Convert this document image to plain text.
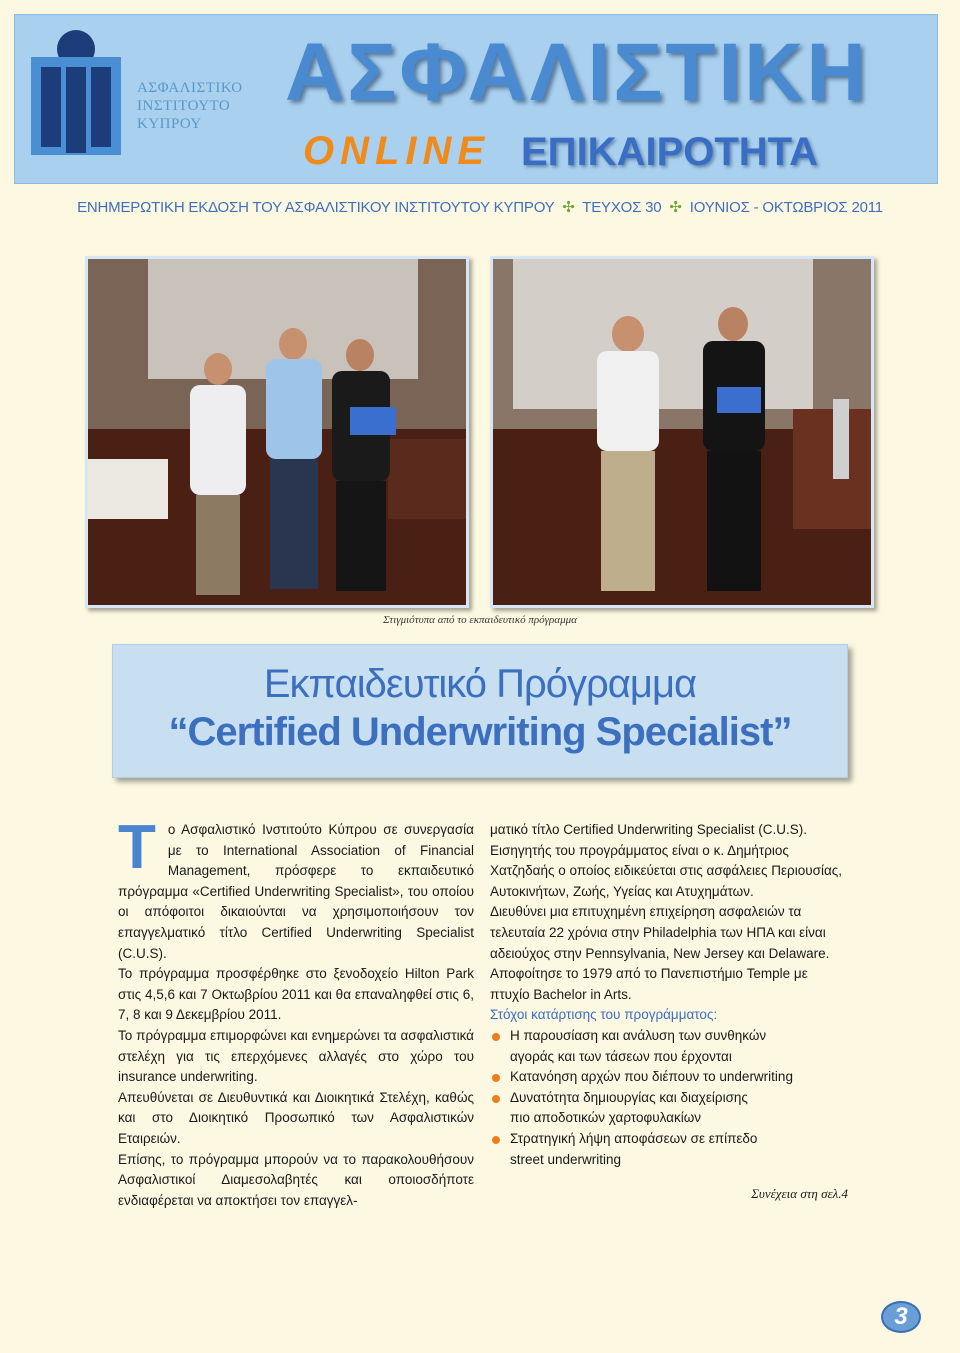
ΑΣΦΑΛΙΣΤΙΚΟ
ΙΝΣΤΙΤΟΥΤΟ
ΚΥΠΡΟΥ
ΑΣΦΑΛΙΣΤΙΚΗ
ONLINE ΕΠΙΚΑΙΡΟΤΗΤΑ
ΕΝΗΜΕΡΩΤΙΚΗ ΕΚΔΟΣΗ ΤΟΥ ΑΣΦΑΛΙΣΤΙΚΟΥ ΙΝΣΤΙΤΟΥΤΟΥ ΚΥΠΡΟΥ ✣ ΤΕΥΧΟΣ 30 ✣ ΙΟΥΝΙΟΣ - ΟΚΤΩΒΡΙΟΣ 2011
Στιγμιότυπα από το εκπαιδευτικό πρόγραμμα
Εκπαιδευτικό Πρόγραμμα
“Certified Underwriting Specialist”
Τ ο Ασφαλιστικό Ινστιτούτο Κύπρου σε συνεργασία με το International Association of Financial Management, πρόσφερε το εκπαιδευτικό πρόγραμμα «Certified Underwriting Specialist», του οποίου οι απόφοιτοι δικαιούνται να χρησιμοποιήσουν τον επαγγελματικό τίτλο Certified Underwriting Specialist (C.U.S).

Το πρόγραμμα προσφέρθηκε στο ξενοδοχείο Hilton Park στις 4,5,6 και 7 Οκτωβρίου 2011 και θα επαναληφθεί στις 6, 7, 8 και 9 Δεκεμβρίου 2011.

Το πρόγραμμα επιμορφώνει και ενημερώνει τα ασφαλιστικά στελέχη για τις επερχόμενες αλλαγές στο χώρο του insurance underwriting.

Απευθύνεται σε Διευθυντικά και Διοικητικά Στελέχη, καθώς και στο Διοικητικό Προσωπικό των Ασφαλιστικών Εταιρειών.

Επίσης, το πρόγραμμα μπορούν να το παρακολουθήσουν Ασφαλιστικοί Διαμεσολαβητές και οποιοσδήποτε ενδιαφέρεται να αποκτήσει τον επαγγελ-

ματικό τίτλο Certified Underwriting Specialist (C.U.S).

Εισηγητής του προγράμματος είναι ο κ. Δημήτριος Χατζηδαής ο οποίος ειδικεύεται στις ασφάλειες Περιουσίας, Αυτοκινήτων, Ζωής, Υγείας και Ατυχημάτων.

Διευθύνει μια επιτυχημένη επιχείρηση ασφαλειών τα τελευταία 22 χρόνια στην Philadelphia των ΗΠΑ και είναι αδειούχος στην Pennsylvania, New Jersey και Delaware. Αποφοίτησε το 1979 από το Πανεπιστήμιο Temple με πτυχίο Bachelor in Arts.

Στόχοι κατάρτισης του προγράμματος:

Η παρουσίαση και ανάλυση των συνθηκών
αγοράς και των τάσεων που έρχονται
Κατανόηση αρχών που διέπουν το underwriting
Δυνατότητα δημιουργίας και διαχείρισης
πιο αποδοτικών χαρτοφυλακίων
Στρατηγική λήψη αποφάσεων σε επίπεδο
street underwriting
Συνέχεια στη σελ.4
3
